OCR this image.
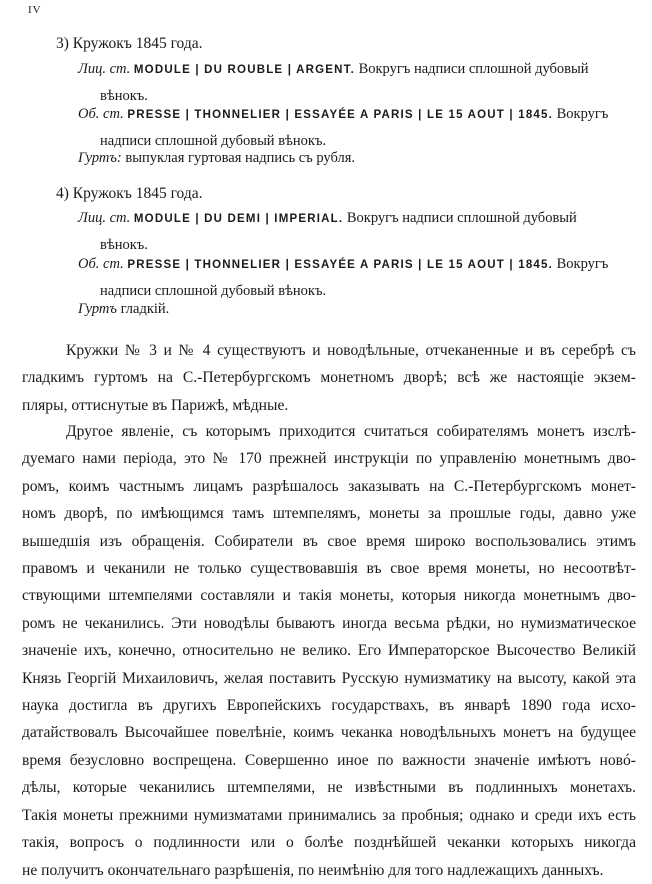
IV
3) Кружокъ 1845 года.
Лиц. ст. MODULE | DU ROUBLE | ARGENT. Вокругъ надписи сплошной дубовый
вѣнокъ.
Об. ст. PRESSE | THONNELIER | ESSAYÉE A PARIS | LE 15 AOUT | 1845. Вокругъ
надписи сплошной дубовый вѣнокъ.
Гуртъ: выпуклая гуртовая надпись съ рубля.
4) Кружокъ 1845 года.
Лиц. ст. MODULE | DU DEMI | IMPERIAL. Вокругъ надписи сплошной дубовый
вѣнокъ.
Об. ст. PRESSE | THONNELIER | ESSAYÉE A PARIS | LE 15 AOUT | 1845. Вокругъ
надписи сплошной дубовый вѣнокъ.
Гуртъ гладкій.
Кружки № 3 и № 4 существуютъ и новодѣльные, отчеканенные и въ серебрѣ съ
гладкимъ гуртомъ на С.-Петербургскомъ монетномъ дворѣ; всѣ же настоящіе экзем-
пляры, оттиснутые въ Парижѣ, мѣдные.
Другое явленіе, съ которымъ приходится считаться собирателямъ монетъ изслѣ-
дуемаго нами періода, это № 170 прежней инструкціи по управленію монетнымъ дво-
ромъ, коимъ частнымъ лицамъ разрѣшалось заказывать на С.-Петербургскомъ монет-
номъ дворѣ, по имѣющимся тамъ штемпелямъ, монеты за прошлые годы, давно уже
вышедшія изъ обращенія. Собиратели въ свое время широко воспользовались этимъ
правомъ и чеканили не только существовавшія въ свое время монеты, но несоотвѣт-
ствующими штемпелями составляли и такія монеты, которыя никогда монетнымъ дво-
ромъ не чеканились. Эти новодѣлы бываютъ иногда весьма рѣдки, но нумизматическое
значеніе ихъ, конечно, относительно не велико. Его Императорское Высочество Великій
Князь Георгій Михаиловичъ, желая поставить Русскую нумизматику на высоту, какой эта
наука достигла въ другихъ Европейскихъ государствахъ, въ январѣ 1890 года исхо-
датайствовалъ Высочайшее повелѣніе, коимъ чеканка новодѣльныхъ монетъ на будущее
время безусловно воспрещена. Совершенно иное по важности значеніе имѣютъ новó-
дѣлы, которые чеканились штемпелями, не извѣстными въ подлинныхъ монетахъ.
Такія монеты прежними нумизматами принимались за пробныя; однако и среди ихъ есть
такія, вопросъ о подлинности или о болѣе позднѣйшей чеканки которыхъ никогда
не получитъ окончательнаго разрѣшенія, по неимѣнію для того надлежащихъ данныхъ.
